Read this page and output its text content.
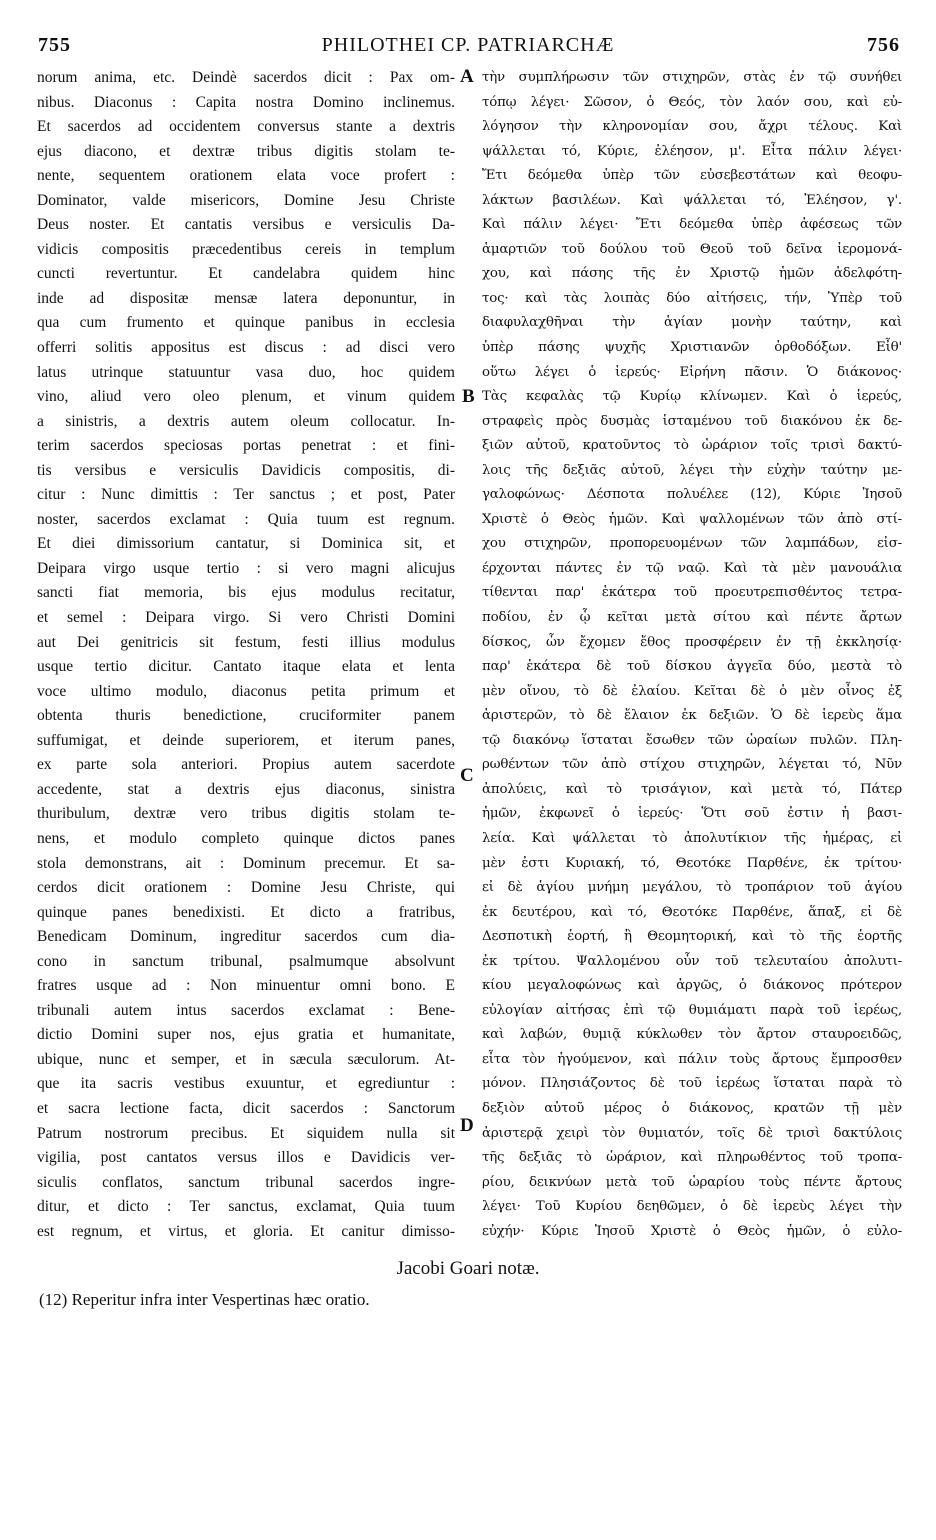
755	PHILOTHEI CP. PATRIARCHÆ	756
norum anima, etc. Deindè sacerdos dicit : Pax om-
nibus. Diaconus : Capita nostra Domino inclinemus.
Et sacerdos ad occidentem conversus stante a dextris
ejus diacono, et dextræ tribus digitis stolam te-
nente, sequentem orationem elata voce profert :
Dominator, valde misericors, Domine Jesu Christe
Deus noster. Et cantatis versibus e versiculis Da-
vidicis compositis præcedentibus cereis in templum
cuncti revertuntur. Et candelabra quidem hinc
inde ad dispositæ mensæ latera deponuntur, in
qua cum frumento et quinque panibus in ecclesia
offerri solitis appositus est discus : ad disci vero
latus utrinque statuuntur vasa duo, hoc quidem
vino, aliud vero oleo plenum, et vinum quidem
a sinistris, a dextris autem oleum collocatur. In-
terim sacerdos speciosas portas penetrat : et fini-
tis versibus e versiculis Davidicis compositis, di-
citur : Nunc dimittis : Ter sanctus ; et post, Pater
noster, sacerdos exclamat : Quia tuum est regnum.
Et diei dimissorium cantatur, si Dominica sit, et
Deipara virgo usque tertio : si vero magni alicujus
sancti fiat memoria, bis ejus modulus recitatur,
et semel : Deipara virgo. Si vero Christi Domini
aut Dei genitricis sit festum, festi illius modulus
usque tertio dicitur. Cantato itaque elata et lenta
voce ultimo modulo, diaconus petita primum et
obtenta thuris benedictione, cruciformiter panem
suffumigat, et deinde superiorem, et iterum panes,
ex parte sola anteriori. Propius autem sacerdote
accedente, stat a dextris ejus diaconus, sinistra
thuribulum, dextræ vero tribus digitis stolam te-
nens, et modulo completo quinque dictos panes
stola demonstrans, ait : Dominum precemur. Et sa-
cerdos dicit orationem : Domine Jesu Christe, qui
quinque panes benedixisti. Et dicto a fratribus,
Benedicam Dominum, ingreditur sacerdos cum dia-
cono in sanctum tribunal, psalmumque absolvunt
fratres usque ad : Non minuentur omni bono. E
tribunali autem intus sacerdos exclamat : Bene-
dictio Domini super nos, ejus gratia et humanitate,
ubique, nunc et semper, et in sæcula sæculorum. At-
que ita sacris vestibus exuuntur, et egrediuntur :
et sacra lectione facta, dicit sacerdos : Sanctorum
Patrum nostrorum precibus. Et siquidem nulla sit
vigilia, post cantatos versus illos e Davidicis ver-
siculis conflatos, sanctum tribunal sacerdos ingre-
ditur, et dicto : Ter sanctus, exclamat, Quia tuum
est regnum, et virtus, et gloria. Et canitur dimisso-
τὴν συμπλήρωσιν τῶν στιχηρῶν, στὰς ἐν τῷ συνήθει
τόπῳ λέγει· Σῶσον, ὁ Θεός, τὸν λαόν σου, καὶ εὐ-
λόγησον τὴν κληρονομίαν σου, ἄχρι τέλους. Καὶ
ψάλλεται τό, Κύριε, ἐλέησον, μ'. Εἶτα πάλιν λέγει·
Ἔτι δεόμεθα ὑπὲρ τῶν εὐσεβεστάτων καὶ θεοφυ-
λάκτων βασιλέων. Καὶ ψάλλεται τό, Ἐλέησον, γ'.
Καὶ πάλιν λέγει· Ἔτι δεόμεθα ὑπὲρ ἀφέσεως τῶν
ἁμαρτιῶν τοῦ δούλου τοῦ Θεοῦ τοῦ δεῖνα ἱερομονά-
χου, καὶ πάσης τῆς ἐν Χριστῷ ἡμῶν ἀδελφότη-
τος· καὶ τὰς λοιπὰς δύο αἰτήσεις, τήν, Ὑπὲρ τοῦ
διαφυλαχθῆναι τὴν ἁγίαν μονὴν ταύτην, καὶ
ὑπὲρ πάσης ψυχῆς Χριστιανῶν ὀρθοδόξων. Εἶθ'
οὕτω λέγει ὁ ἱερεύς· Εἰρήνη πᾶσιν. Ὁ διάκονος·
Τὰς κεφαλὰς τῷ Κυρίῳ κλίνωμεν. Καὶ ὁ ἱερεύς,
στραφεὶς πρὸς δυσμὰς ἱσταμένου τοῦ διακόνου ἐκ δε-
ξιῶν αὐτοῦ, κρατοῦντος τὸ ὡράριον τοῖς τρισὶ δακτύ-
λοις τῆς δεξιᾶς αὐτοῦ, λέγει τὴν εὐχὴν ταύτην με-
γαλοφώνως· Δέσποτα πολυέλεε (12), Κύριε Ἰησοῦ
Χριστὲ ὁ Θεὸς ἡμῶν. Καὶ ψαλλομένων τῶν ἀπὸ στί-
χου στιχηρῶν, προπορευομένων τῶν λαμπάδων, εἰσ-
έρχονται πάντες ἐν τῷ ναῷ. Καὶ τὰ μὲν μανουάλια
τίθενται παρ' ἑκάτερα τοῦ προευτρεπισθέντος τετρα-
ποδίου, ἐν ᾧ κεῖται μετὰ σίτου καὶ πέντε ἄρτων
δίσκος, ὧν ἔχομεν ἔθος προσφέρειν ἐν τῇ ἐκκλησίᾳ·
παρ' ἑκάτερα δὲ τοῦ δίσκου ἀγγεῖα δύο, μεστὰ τὸ
μὲν οἴνου, τὸ δὲ ἐλαίου. Κεῖται δὲ ὁ μὲν οἶνος ἐξ
ἀριστερῶν, τὸ δὲ ἔλαιον ἐκ δεξιῶν. Ὁ δὲ ἱερεὺς ἅμα
τῷ διακόνῳ ἵσταται ἔσωθεν τῶν ὡραίων πυλῶν. Πλη-
ρωθέντων τῶν ἀπὸ στίχου στιχηρῶν, λέγεται τό, Νῦν
ἀπολύεις, καὶ τὸ τρισάγιον, καὶ μετὰ τό, Πάτερ
ἡμῶν, ἐκφωνεῖ ὁ ἱερεύς· Ὅτι σοῦ ἐστιν ἡ βασι-
λεία. Καὶ ψάλλεται τὸ ἀπολυτίκιον τῆς ἡμέρας, εἰ
μὲν ἐστι Κυριακή, τό, Θεοτόκε Παρθένε, ἐκ τρίτου·
εἰ δὲ ἁγίου μνήμη μεγάλου, τὸ τροπάριον τοῦ ἁγίου
ἐκ δευτέρου, καὶ τό, Θεοτόκε Παρθένε, ἅπαξ, εἰ δὲ
Δεσποτικὴ ἑορτή, ἢ Θεομητορική, καὶ τὸ τῆς ἑορτῆς
ἐκ τρίτου. Ψαλλομένου οὖν τοῦ τελευταίου ἀπολυτι-
κίου μεγαλοφώνως καὶ ἀργῶς, ὁ διάκονος πρότερον
εὐλογίαν αἰτήσας ἐπὶ τῷ θυμιάματι παρὰ τοῦ ἱερέως,
καὶ λαβών, θυμιᾷ κύκλωθεν τὸν ἄρτον σταυροειδῶς,
εἶτα τὸν ἡγούμενον, καὶ πάλιν τοὺς ἄρτους ἔμπροσθεν
μόνον. Πλησιάζοντος δὲ τοῦ ἱερέως ἵσταται παρὰ τὸ
δεξιὸν αὐτοῦ μέρος ὁ διάκονος, κρατῶν τῇ μὲν
ἀριστερᾷ χειρὶ τὸν θυμιατόν, τοῖς δὲ τρισὶ δακτύλοις
τῆς δεξιᾶς τὸ ὡράριον, καὶ πληρωθέντος τοῦ τροπα-
ρίου, δεικνύων μετὰ τοῦ ὡραρίου τοὺς πέντε ἄρτους
λέγει· Τοῦ Κυρίου δεηθῶμεν, ὁ δὲ ἱερεὺς λέγει τὴν
εὐχήν· Κύριε Ἰησοῦ Χριστὲ ὁ Θεὸς ἡμῶν, ὁ εὐλο-
A
B
C
D
Jacobi Goari notæ.
(12) Reperitur infra inter Vespertinas hæc oratio.
